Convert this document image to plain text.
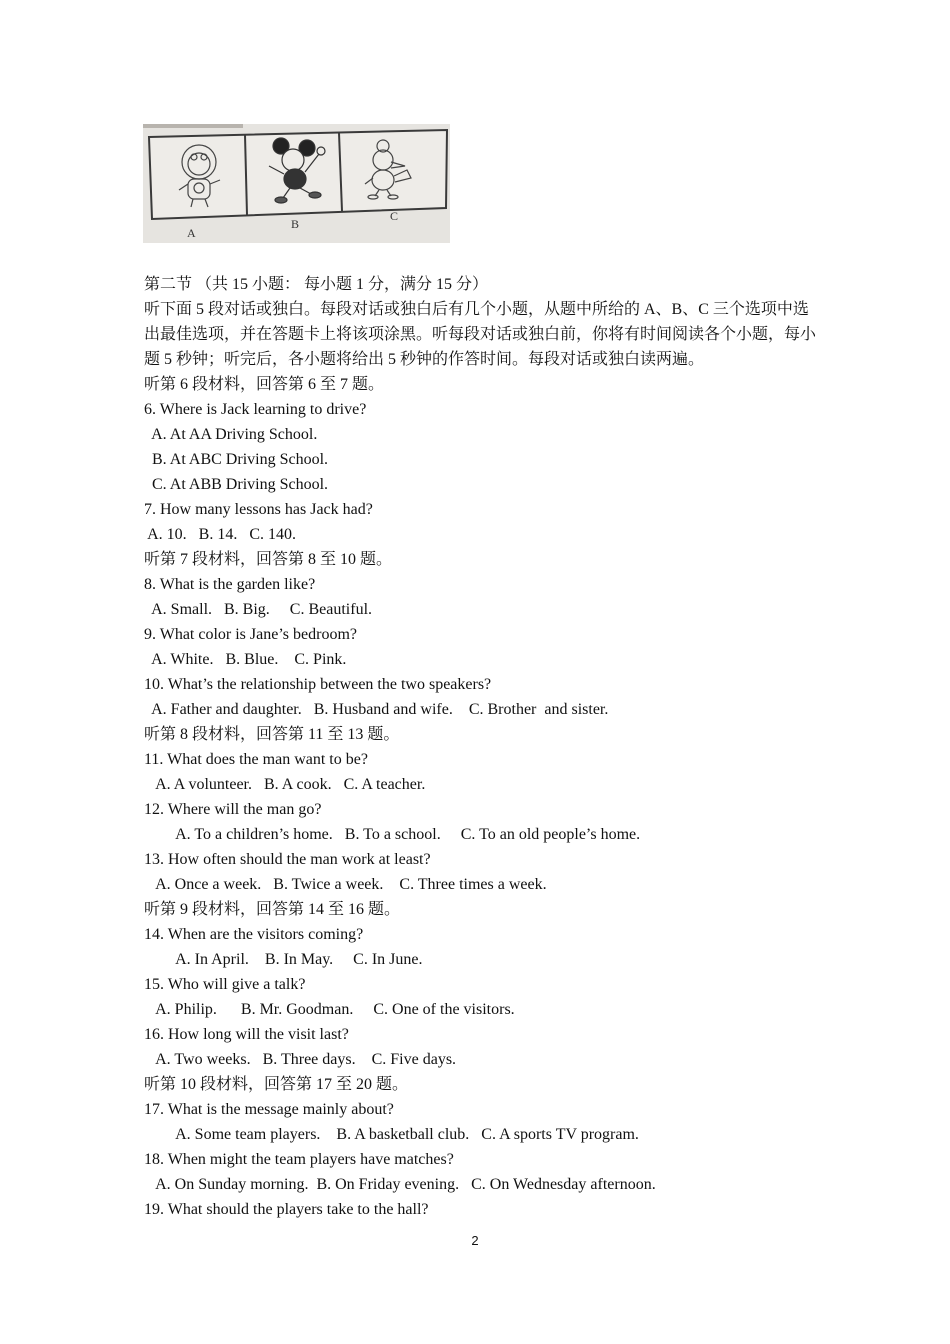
A
B
C
第二节 （共 15 小题： 每小题 1 分，满分 15 分）
听下面 5 段对话或独白。每段对话或独白后有几个小题，从题中所给的 A、B、C 三个选项中选出最佳选项，并在答题卡上将该项涂黑。听每段对话或独白前，你将有时间阅读各个小题，每小题 5 秒钟；听完后，各小题将给出 5 秒钟的作答时间。每段对话或独白读两遍。
听第 6 段材料，回答第 6 至 7 题。
6. Where is Jack learning to drive?
A. At AA Driving School.
B. At ABC Driving School.
C. At ABB Driving School.
7. How many lessons has Jack had?
A. 10.   B. 14.   C. 140.
听第 7 段材料，回答第 8 至 10 题。
8. What is the garden like?
A. Small.   B. Big.     C. Beautiful.
9. What color is Jane’s bedroom?
A. White.   B. Blue.    C. Pink.
10. What’s the relationship between the two speakers?
A. Father and daughter.   B. Husband and wife.    C. Brother  and sister.
听第 8 段材料，回答第 11 至 13 题。
11. What does the man want to be?
A. A volunteer.   B. A cook.   C. A teacher.
12. Where will the man go?
A. To a children’s home.   B. To a school.     C. To an old people’s home.
13. How often should the man work at least?
A. Once a week.   B. Twice a week.    C. Three times a week.
听第 9 段材料，回答第 14 至 16 题。
14. When are the visitors coming?
A. In April.    B. In May.     C. In June.
15. Who will give a talk?
A. Philip.      B. Mr. Goodman.     C. One of the visitors.
16. How long will the visit last?
A. Two weeks.   B. Three days.    C. Five days.
听第 10 段材料，回答第 17 至 20 题。
17. What is the message mainly about?
A. Some team players.    B. A basketball club.   C. A sports TV program.
18. When might the team players have matches?
A. On Sunday morning.  B. On Friday evening.   C. On Wednesday afternoon.
19. What should the players take to the hall?
2
